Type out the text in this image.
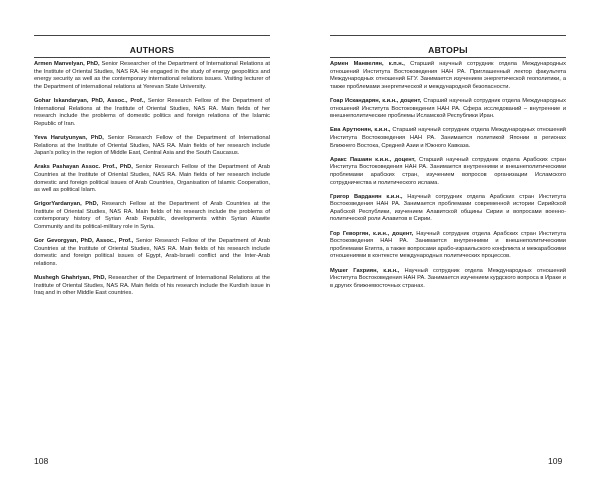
AUTHORS

Armen Manvelyan, PhD, Senior Researcher of the Department of International Relations at the Institute of Oriental Studies, NAS RA. He engaged in the study of energy geopolitics and energy security as well as the contemporary international relations issues. Visiting lecturer of the Department of international relations at Yerevan State University.

Gohar Iskandaryan, PhD, Assoc., Prof., Senior Research Fellow of the Department of International Relations at the Institute of Oriental Studies, NAS RA. Main fields of her research include the problems of domestic politics and foreign relations of the Islamic Republic of Iran.

Yeva Harutyunyan, PhD, Senior Research Fellow of the Department of International Relations at the Institute of Oriental Studies, NAS RA. Main fields of her research include Japan's policy in the region of Middle East, Central Asia and the South Caucasus.

Araks Pashayan Assoc. Prof., PhD, Senior Research Fellow of the Department of Arab Countries at the Institute of Oriental Studies, NAS RA. Main fields of her research include domestic and foreign political issues of Arab Countries, Organisation of Islamic Cooperation, as well as political Islam.

GrigorYardanyan, PhD, Research Fellow at the Department of Arab Countries at the Institute of Oriental Studies, NAS RA. Main fields of his research include the problems of contemporary history of Syrian Arab Republic, developments within Syrian Alawite Community and its political-military role in Syria.

Gor Gevorgyan, PhD, Assoc., Prof., Senior Research Fellow of the Department of Arab Countries at the Institute of Oriental Studies, NAS RA. Main fields of his research include domestic and foreign political issues of Egypt, Arab-Israeli conflict and the Inter-Arab relations.

Mushegh Ghahriyan, PhD, Researcher of the Department of International Relations at the Institute of Oriental Studies, NAS RA. Main fields of his research include the Kurdish issue in Iraq and in other Middle East countries.

108
АВТОРЫ

Армен Манвелян, к.п.н., Старший научный сотрудник отдела Международных отношений Института Востоковедения НАН РА. Приглашенный лектор факультета Международных отношений ЕГУ. Занимается изучением энергетической геополитики, а также проблемами энергетической и международной безопасности.

Гоар Искандарян, к.и.н., доцент, Старший научный сотрудник отдела Международных отношений Института Востоковедения НАН РА. Сфера исследований – внутренние и внешнеполитические проблемы Исламской Республики Иран.

Ева Арутюнян, к.и.н., Старший научный сотрудник отдела Международных отношений Института Востоковедения НАН РА. Занимается политикой Японии в регионах Ближнего Востока, Средней Азии и Южного Кавказа.

Аракс Пашаян к.и.н., доцент, Старший научный сотрудник отдела Арабских стран Института Востоковедения НАН РА. Занимается внутренними и внешнеполитическими проблемами арабских стран, изучением вопросов организации Исламского сотрудничества и политического ислама.

Григор Варданян к.и.н., Научный сотрудник отдела Арабских стран Института Востоковедения НАН РА. Занимается проблемами современной истории Сирийской Арабской Республики, изучением Алавитской общины Сирии и вопросами военно-политической роли Алавитов в Сирии.

Гор Геворгян, к.и.н., доцент, Научный сотрудник отдела Арабских стран Института Востоковедения НАН РА. Занимается внутренними и внешнеполитическими проблемами Египта, а также вопросами арабо-израильского конфликта и межарабскими отношениями в контексте международных политических процессов.

Мушег Гахриян, к.и.н., Научный сотрудник отдела Международных отношений Института Востоковедения НАН РА. Занимается изучением курдского вопроса в Ираке и в других ближневосточных странах.

109
